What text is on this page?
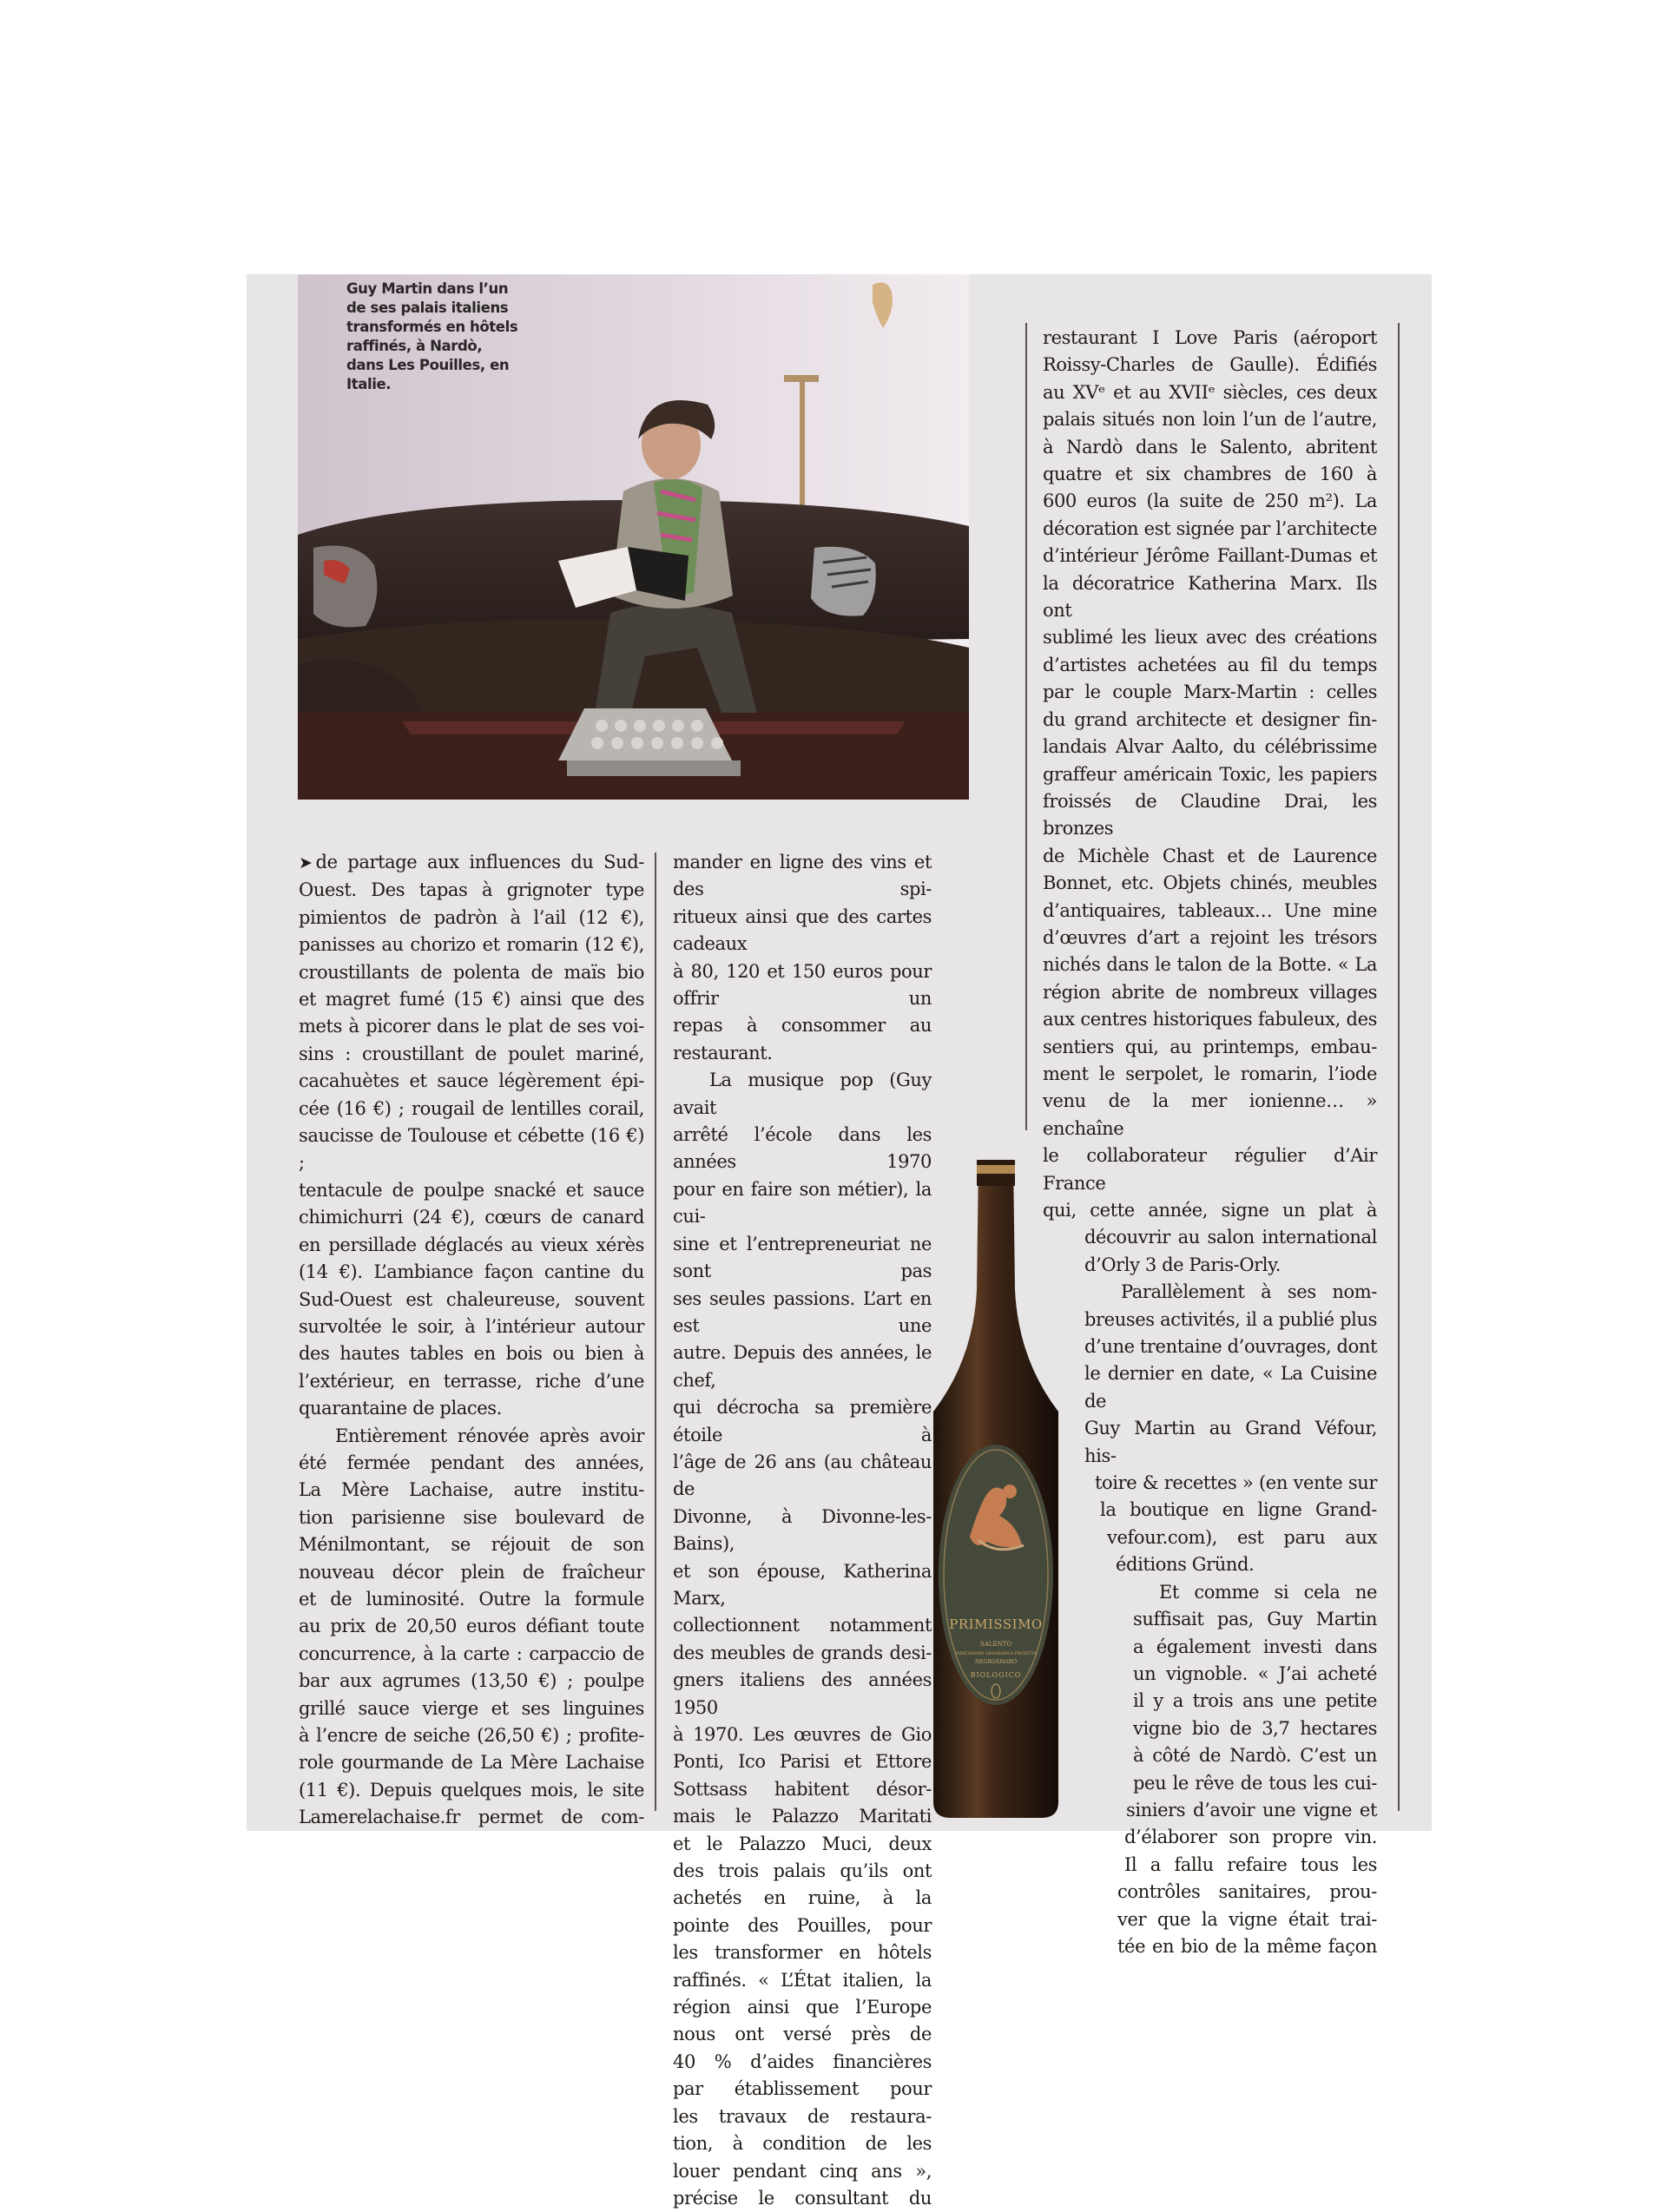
Guy Martin dans l’un de ses palais italiens transformés en hôtels raffinés, à Nardò, dans Les Pouilles, en Italie.

➤ de partage aux influences du Sud-

Ouest. Des tapas à grignoter type

pimientos de padròn à l’ail (12 €),

panisses au chorizo et romarin (12 €),

croustillants de polenta de maïs bio

et magret fumé (15 €) ainsi que des

mets à picorer dans le plat de ses voi-

sins : croustillant de poulet mariné,

cacahuètes et sauce légèrement épi-

cée (16 €) ; rougail de lentilles corail,

saucisse de Toulouse et cébette (16 €) ;

tentacule de poulpe snacké et sauce

chimichurri (24 €), cœurs de canard

en persillade déglacés au vieux xérès

(14 €). L’ambiance façon cantine du

Sud-Ouest est chaleureuse, souvent

survoltée le soir, à l’intérieur autour

des hautes tables en bois ou bien à

l’extérieur, en terrasse, riche d’une

quarantaine de places.

Entièrement rénovée après avoir

été fermée pendant des années,

La Mère Lachaise, autre institu-

tion parisienne sise boulevard de

Ménilmontant, se réjouit de son

nouveau décor plein de fraîcheur

et de luminosité. Outre la formule

au prix de 20,50 euros défiant toute

concurrence, à la carte : carpaccio de

bar aux agrumes (13,50 €) ; poulpe

grillé sauce vierge et ses linguines

à l’encre de seiche (26,50 €) ; profite-

role gourmande de La Mère Lachaise

(11 €). Depuis quelques mois, le site

Lamerelachaise.fr permet de com-

mander en ligne des vins et des spi-

ritueux ainsi que des cartes cadeaux

à 80, 120 et 150 euros pour offrir un

repas à consommer au restaurant.

La musique pop (Guy avait

arrêté l’école dans les années 1970

pour en faire son métier), la cui-

sine et l’entrepreneuriat ne sont pas

ses seules passions. L’art en est une

autre. Depuis des années, le chef,

qui décrocha sa première étoile à

l’âge de 26 ans (au château de

Divonne, à Divonne-les-Bains),

et son épouse, Katherina Marx,

collectionnent notamment

des meubles de grands desi-

gners italiens des années 1950

à 1970. Les œuvres de Gio

Ponti, Ico Parisi et Ettore

Sottsass habitent désor-

mais le Palazzo Maritati

et le Palazzo Muci, deux

des trois palais qu’ils ont

achetés en ruine, à la

pointe des Pouilles, pour

les transformer en hôtels

raffinés. « L’État italien, la

région ainsi que l’Europe

nous ont versé près de

40 % d’aides financières

par établissement pour

les travaux de restaura-

tion, à condition de les

louer pendant cinq ans »,

précise le consultant du

restaurant I Love Paris (aéroport

Roissy-Charles de Gaulle). Édifiés

au XVᵉ et au XVIIᵉ siècles, ces deux

palais situés non loin l’un de l’autre,

à Nardò dans le Salento, abritent

quatre et six chambres de 160 à

600 euros (la suite de 250 m²). La

décoration est signée par l’architecte

d’intérieur Jérôme Faillant-Dumas et

la décoratrice Katherina Marx. Ils ont

sublimé les lieux avec des créations

d’artistes achetées au fil du temps

par le couple Marx-Martin : celles

du grand architecte et designer fin-

landais Alvar Aalto, du célébrissime

graffeur américain Toxic, les papiers

froissés de Claudine Drai, les bronzes

de Michèle Chast et de Laurence

Bonnet, etc. Objets chinés, meubles

d’antiquaires, tableaux… Une mine

d’œuvres d’art a rejoint les trésors

nichés dans le talon de la Botte. « La

région abrite de nombreux villages

aux centres historiques fabuleux, des

sentiers qui, au printemps, embau-

ment le serpolet, le romarin, l’iode

venu de la mer ionienne… » enchaîne

le collaborateur régulier d’Air France

qui, cette année, signe un plat à

découvrir au salon international

d’Orly 3 de Paris-Orly.

Parallèlement à ses nom-

breuses activités, il a publié plus

d’une trentaine d’ouvrages, dont

le dernier en date, « La Cuisine de

Guy Martin au Grand Véfour, his-

toire & recettes » (en vente sur

la boutique en ligne Grand-

vefour.com), est paru aux

éditions Gründ.

Et comme si cela ne

suffisait pas, Guy Martin

a également investi dans

un vignoble. « J’ai acheté

il y a trois ans une petite

vigne bio de 3,7 hectares

à côté de Nardò. C’est un

peu le rêve de tous les cui-

siniers d’avoir une vigne et

d’élaborer son propre vin.

Il a fallu refaire tous les

contrôles sanitaires, prou-

ver que la vigne était trai-

tée en bio de la même façon

PRIMISSIMO
SALENTO
INDICAZIONE GEOGRAFICA PROTETTA
NEGROAMARO
BIOLOGICO
